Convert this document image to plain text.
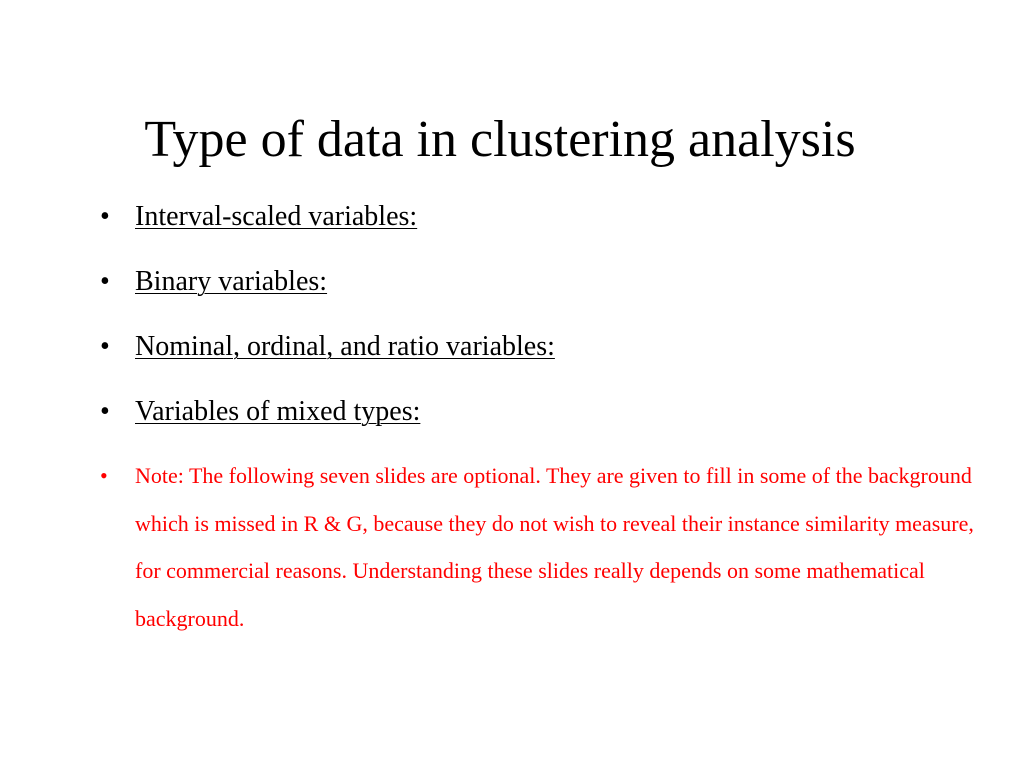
Type of data in clustering analysis
• Interval-scaled variables:
• Binary variables:
• Nominal, ordinal, and ratio variables:
• Variables of mixed types:
• Note: The following seven slides are optional. They are given to fill in some of the background which is missed in R & G, because they do not wish to reveal their instance similarity measure, for commercial reasons. Understanding these slides really depends on some mathematical background.
